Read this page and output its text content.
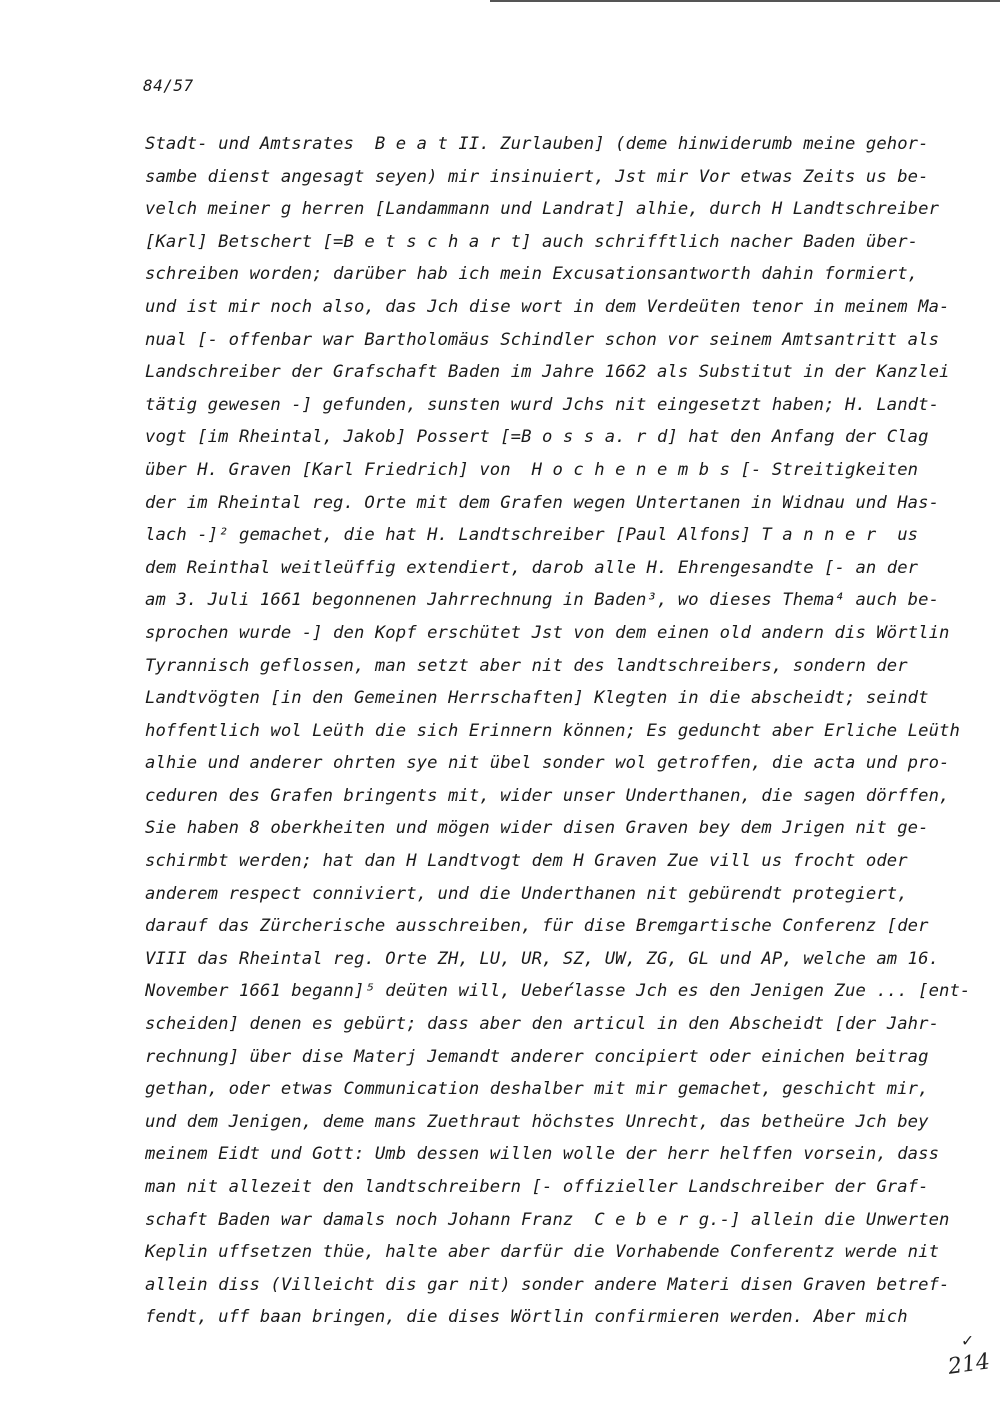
84/57
Stadt- und Amtsrates  B e a t II. Zurlauben] (deme hinwiderumb meine gehor-
sambe dienst angesagt seyen) mir insinuiert, Jst mir Vor etwas Zeits us be-
velch meiner g herren [Landammann und Landrat] alhie, durch H Landtschreiber
[Karl] Betschert [=B e t s c h a r t] auch schrifftlich nacher Baden über-
schreiben worden; darüber hab ich mein Excusationsantworth dahin formiert,
und ist mir noch also, das Jch dise wort in dem Verdeüten tenor in meinem Ma-
nual [- offenbar war Bartholomäus Schindler schon vor seinem Amtsantritt als
Landschreiber der Grafschaft Baden im Jahre 1662 als Substitut in der Kanzlei
tätig gewesen -] gefunden, sunsten wurd Jchs nit eingesetzt haben; H. Landt-
vogt [im Rheintal, Jakob] Possert [=B o s s a. r d] hat den Anfang der Clag
über H. Graven [Karl Friedrich] von  H o c h e n e m b s [- Streitigkeiten
der im Rheintal reg. Orte mit dem Grafen wegen Untertanen in Widnau und Has-
lach -]² gemachet, die hat H. Landtschreiber [Paul Alfons] T a n n e r  us
dem Reinthal weitleüffig extendiert, darob alle H. Ehrengesandte [- an der
am 3. Juli 1661 begonnenen Jahrrechnung in Baden³, wo dieses Thema⁴ auch be-
sprochen wurde -] den Kopf erschütet Jst von dem einen old andern dis Wörtlin
Tyrannisch geflossen, man setzt aber nit des landtschreibers, sondern der
Landtvögten [in den Gemeinen Herrschaften] Klegten in die abscheidt; seindt
hoffentlich wol Leüth die sich Erinnern können; Es geduncht aber Erliche Leüth
alhie und anderer ohrten sye nit übel sonder wol getroffen, die acta und pro-
ceduren des Grafen bringents mit, wider unser Underthanen, die sagen dörffen,
Sie haben 8 oberkheiten und mögen wider disen Graven bey dem Jrigen nit ge-
schirmbt werden; hat dan H Landtvogt dem H Graven Zue vill us frocht oder
anderem respect conniviert, und die Underthanen nit gebürendt protegiert,
darauf das Zürcherische ausschreiben, für dise Bremgartische Conferenz [der
VIII das Rheintal reg. Orte ZH, LU, UR, SZ, UW, ZG, GL und AP, welche am 16.
November 1661 begann]⁵ deüten will, Uebeŕlasse Jch es den Jenigen Zue ... [ent-
scheiden] denen es gebürt; dass aber den articul in den Abscheidt [der Jahr-
rechnung] über dise Materj Jemandt anderer concipiert oder einichen beitrag
gethan, oder etwas Communication deshalber mit mir gemachet, geschicht mir,
und dem Jenigen, deme mans Zuethraut höchstes Unrecht, das betheüre Jch bey
meinem Eidt und Gott: Umb dessen willen wolle der herr helffen vorsein, dass
man nit allezeit den landtschreibern [- offizieller Landschreiber der Graf-
schaft Baden war damals noch Johann Franz  C e b e r g.-] allein die Unwerten
Keplin uffsetzen thüe, halte aber darfür die Vorhabende Conferentz werde nit
allein diss (Villeicht dis gar nit) sonder andere Materi disen Graven betref-
fendt, uff baan bringen, die dises Wörtlin confirmieren werden. Aber mich
✓
214
